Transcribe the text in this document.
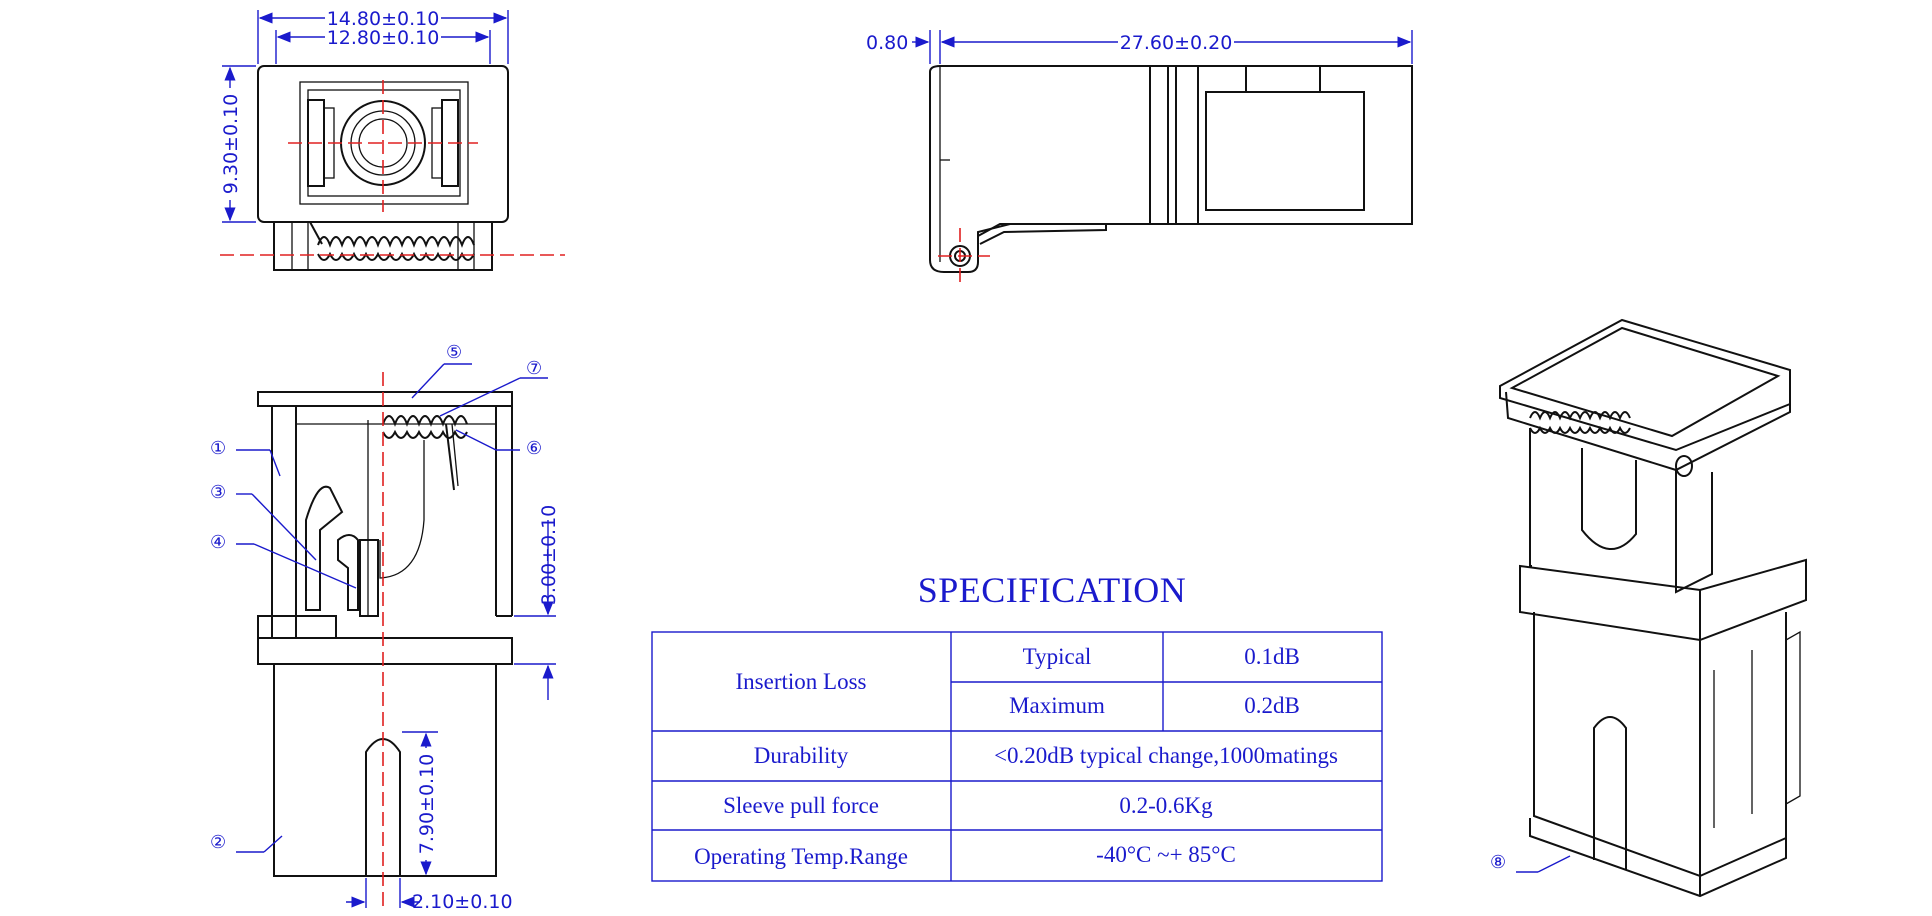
14.80±0.10
12.80±0.10
9.30±0.10
0.80	27.60±0.20
3.00±0.10
7.90±0.10
2.10±0.10
①
③
④
⑤
⑦
⑥
②
⑧
SPECIFICATION
Insertion Loss
Typical	0.1dB
Maximum	0.2dB
Durability	<0.20dB typical change,1000matings
Sleeve pull force	0.2-0.6Kg
Operating Temp.Range	-40°C ~+ 85°C
